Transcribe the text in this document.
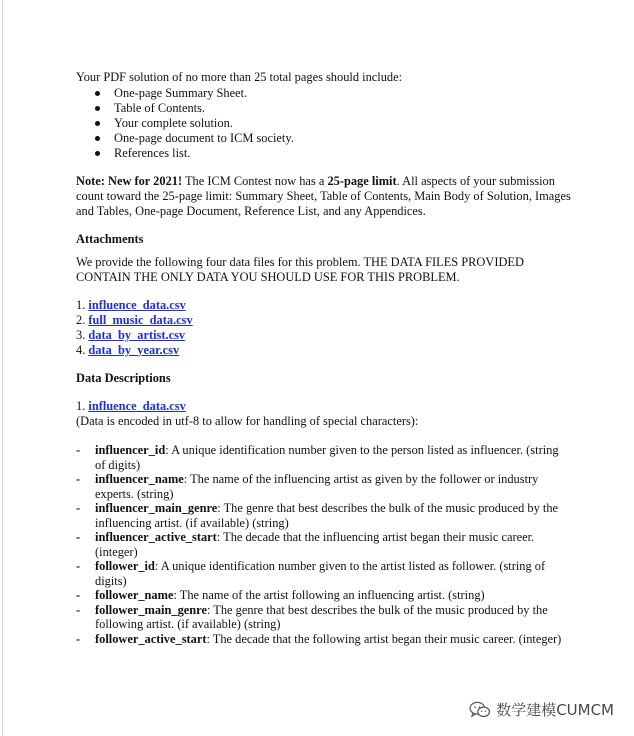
Your PDF solution of no more than 25 total pages should include:

One-page Summary Sheet.
Table of Contents.
Your complete solution.
One-page document to ICM society.
References list.

Note: New for 2021! The ICM Contest now has a 25-page limit. All aspects of your submission count toward the 25-page limit: Summary Sheet, Table of Contents, Main Body of Solution, Images and Tables, One-page Document, Reference List, and any Appendices.

Attachments

We provide the following four data files for this problem. THE DATA FILES PROVIDED CONTAIN THE ONLY DATA YOU SHOULD USE FOR THIS PROBLEM.

1. influence_data.csv
2. full_music_data.csv
3. data_by_artist.csv
4. data_by_year.csv

Data Descriptions

1. influence_data.csv

(Data is encoded in utf-8 to allow for handling of special characters):

- influencer_id: A unique identification number given to the person listed as influencer. (string of digits)
- influencer_name: The name of the influencing artist as given by the follower or industry experts. (string)
- influencer_main_genre: The genre that best describes the bulk of the music produced by the influencing artist. (if available) (string)
- influencer_active_start: The decade that the influencing artist began their music career. (integer)
- follower_id: A unique identification number given to the artist listed as follower. (string of digits)
- follower_name: The name of the artist following an influencing artist. (string)
- follower_main_genre: The genre that best describes the bulk of the music produced by the following artist. (if available) (string)
- follower_active_start: The decade that the following artist began their music career. (integer)
数学建模CUMCM
